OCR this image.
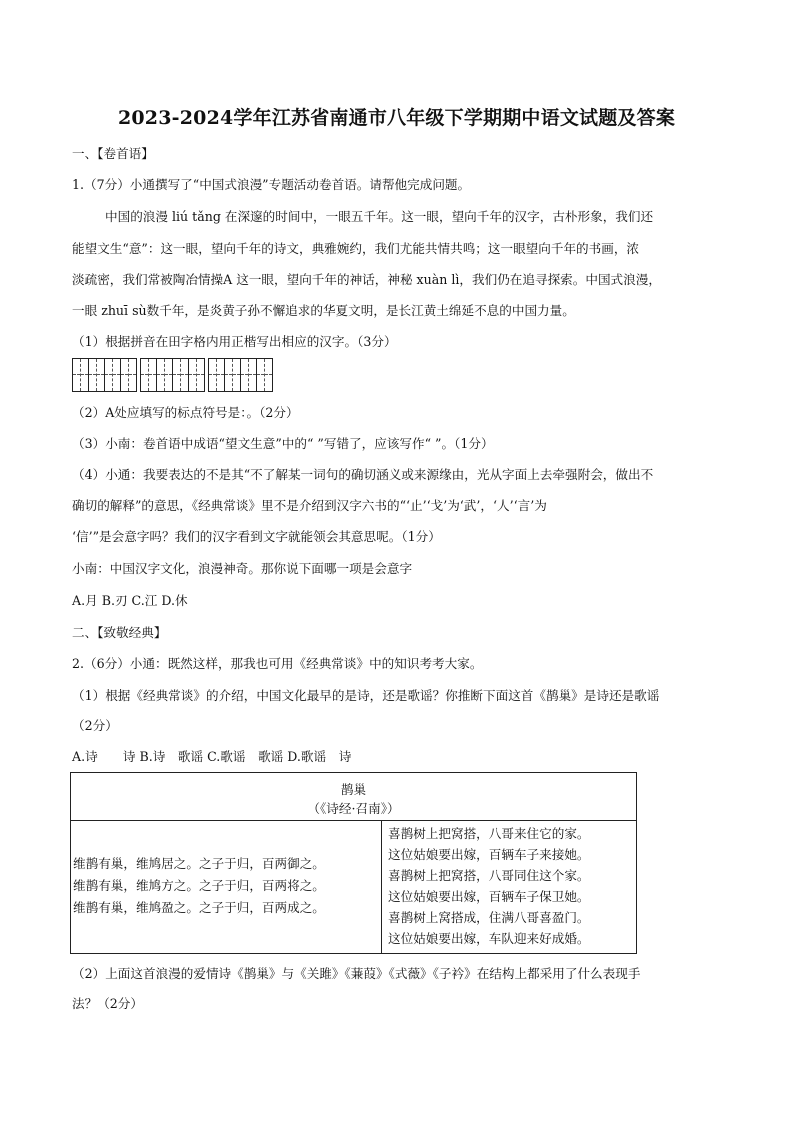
2023-2024学年江苏省南通市八年级下学期期中语文试题及答案
一、【卷首语】
1.（7分）小通撰写了“中国式浪漫”专题活动卷首语。请帮他完成问题。
中国的浪漫 liú tǎng 在深邃的时间中，一眼五千年。这一眼，望向千年的汉字，古朴形象，我们还
能望文生“意”：这一眼，望向千年的诗文，典雅婉约，我们尤能共情共鸣；这一眼望向千年的书画，浓
淡疏密，我们常被陶冶情操A 这一眼，望向千年的神话，神秘 xuàn lì，我们仍在追寻探索。中国式浪漫，
一眼 zhuī sù数千年，是炎黄子孙不懈追求的华夏文明，是长江黄土绵延不息的中国力量。
（1）根据拼音在田字格内用正楷写出相应的汉字。（3分）
（2）A处应填写的标点符号是：。（2分）
（3）小南：卷首语中成语“望文生意”中的“ ”写错了，应该写作“ ”。（1分）
（4）小通：我要表达的不是其“不了解某一词句的确切涵义或来源缘由，光从字面上去牵强附会，做出不
确切的解释”的意思，《经典常谈》里不是介绍到汉字六书的“‘止’‘戈’为‘武’，‘人’‘言’为
‘信’”是会意字吗？我们的汉字看到文字就能领会其意思呢。（1分）
小南：中国汉字文化，浪漫神奇。那你说下面哪一项是会意字
A.月 B.刃 C.江 D.休
二、【致敬经典】
2.（6分）小通：既然这样，那我也可用《经典常谈》中的知识考考大家。
（1）根据《经典常谈》的介绍，中国文化最早的是诗，还是歌谣？你推断下面这首《鹊巢》是诗还是歌谣
（2分）
A.诗　　诗 B.诗　歌谣 C.歌谣　歌谣 D.歌谣　诗
鹊巢
（《诗经·召南》）
维鹊有巢，维鸠居之。之子于归，百两御之。
维鹊有巢，维鸠方之。之子于归，百两将之。
维鹊有巢，维鸠盈之。之子于归，百两成之。
喜鹊树上把窝搭，八哥来住它的家。
这位姑娘要出嫁，百辆车子来接她。
喜鹊树上把窝搭，八哥同住这个家。
这位姑娘要出嫁，百辆车子保卫她。
喜鹊树上窝搭成，住满八哥喜盈门。
这位姑娘要出嫁，车队迎来好成婚。
（2）上面这首浪漫的爱情诗《鹊巢》与《关雎》《蒹葭》《式薇》《子衿》在结构上都采用了什么表现手
法？（2分）
